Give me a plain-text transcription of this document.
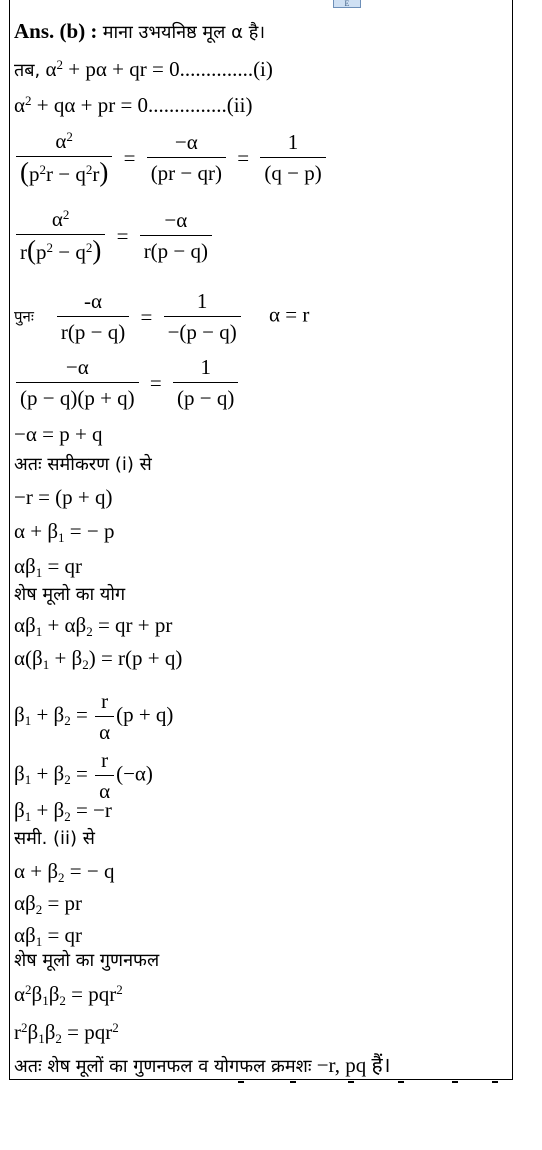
E
Ans. (b) : माना उभयनिष्ठ मूल α है।
तब, $\alpha^2 + p\alpha$ + qr = 0..............(i)
$\alpha^2 + q\alpha$ + pr = 0...............(ii)
$\frac{\alpha^2}{(p^2r - q^2r)} = \frac{-\alpha}{(pr - qr)} = \frac{1}{(q - p)}$
$\frac{\alpha^2}{r(p^2 - q^2)} = \frac{-\alpha}{r(p - q)}$
पुनः $\frac{-\alpha}{r(p - q)} = \frac{1}{-(p - q)}$ α = r
$\frac{-\alpha}{(p - q)(p + q)} = \frac{1}{(p - q)}$
−α = p + q
अतः समीकरण (i) से
−r = (p + q)
$\alpha + \beta_1$ = − p
$\alpha\beta_1$ = qr
शेष मूलो का योग
$\alpha\beta_1 + \alpha\beta_2$ = qr + pr
$\alpha(\beta_1 + \beta_2) = r(p + q)$
$\beta_1 + \beta_2 = \frac{r}{\alpha} (p + q)$
$\beta_1 + \beta_2 = \frac{r}{\alpha} (-\alpha)$
$\beta_1 + \beta_2 = -r$
समी. (ii) से
$\alpha + \beta_2$ = − q
$\alpha\beta_2$ = pr
$\alpha\beta_1$ = qr
शेष मूलो का गुणनफल
$\alpha^2\beta_1\beta_2 = pqr^2$
$r^2\beta_1\beta_2 = pqr^2$
अतः शेष मूलों का गुणनफल व योगफल क्रमशः −r, pq हैं।
